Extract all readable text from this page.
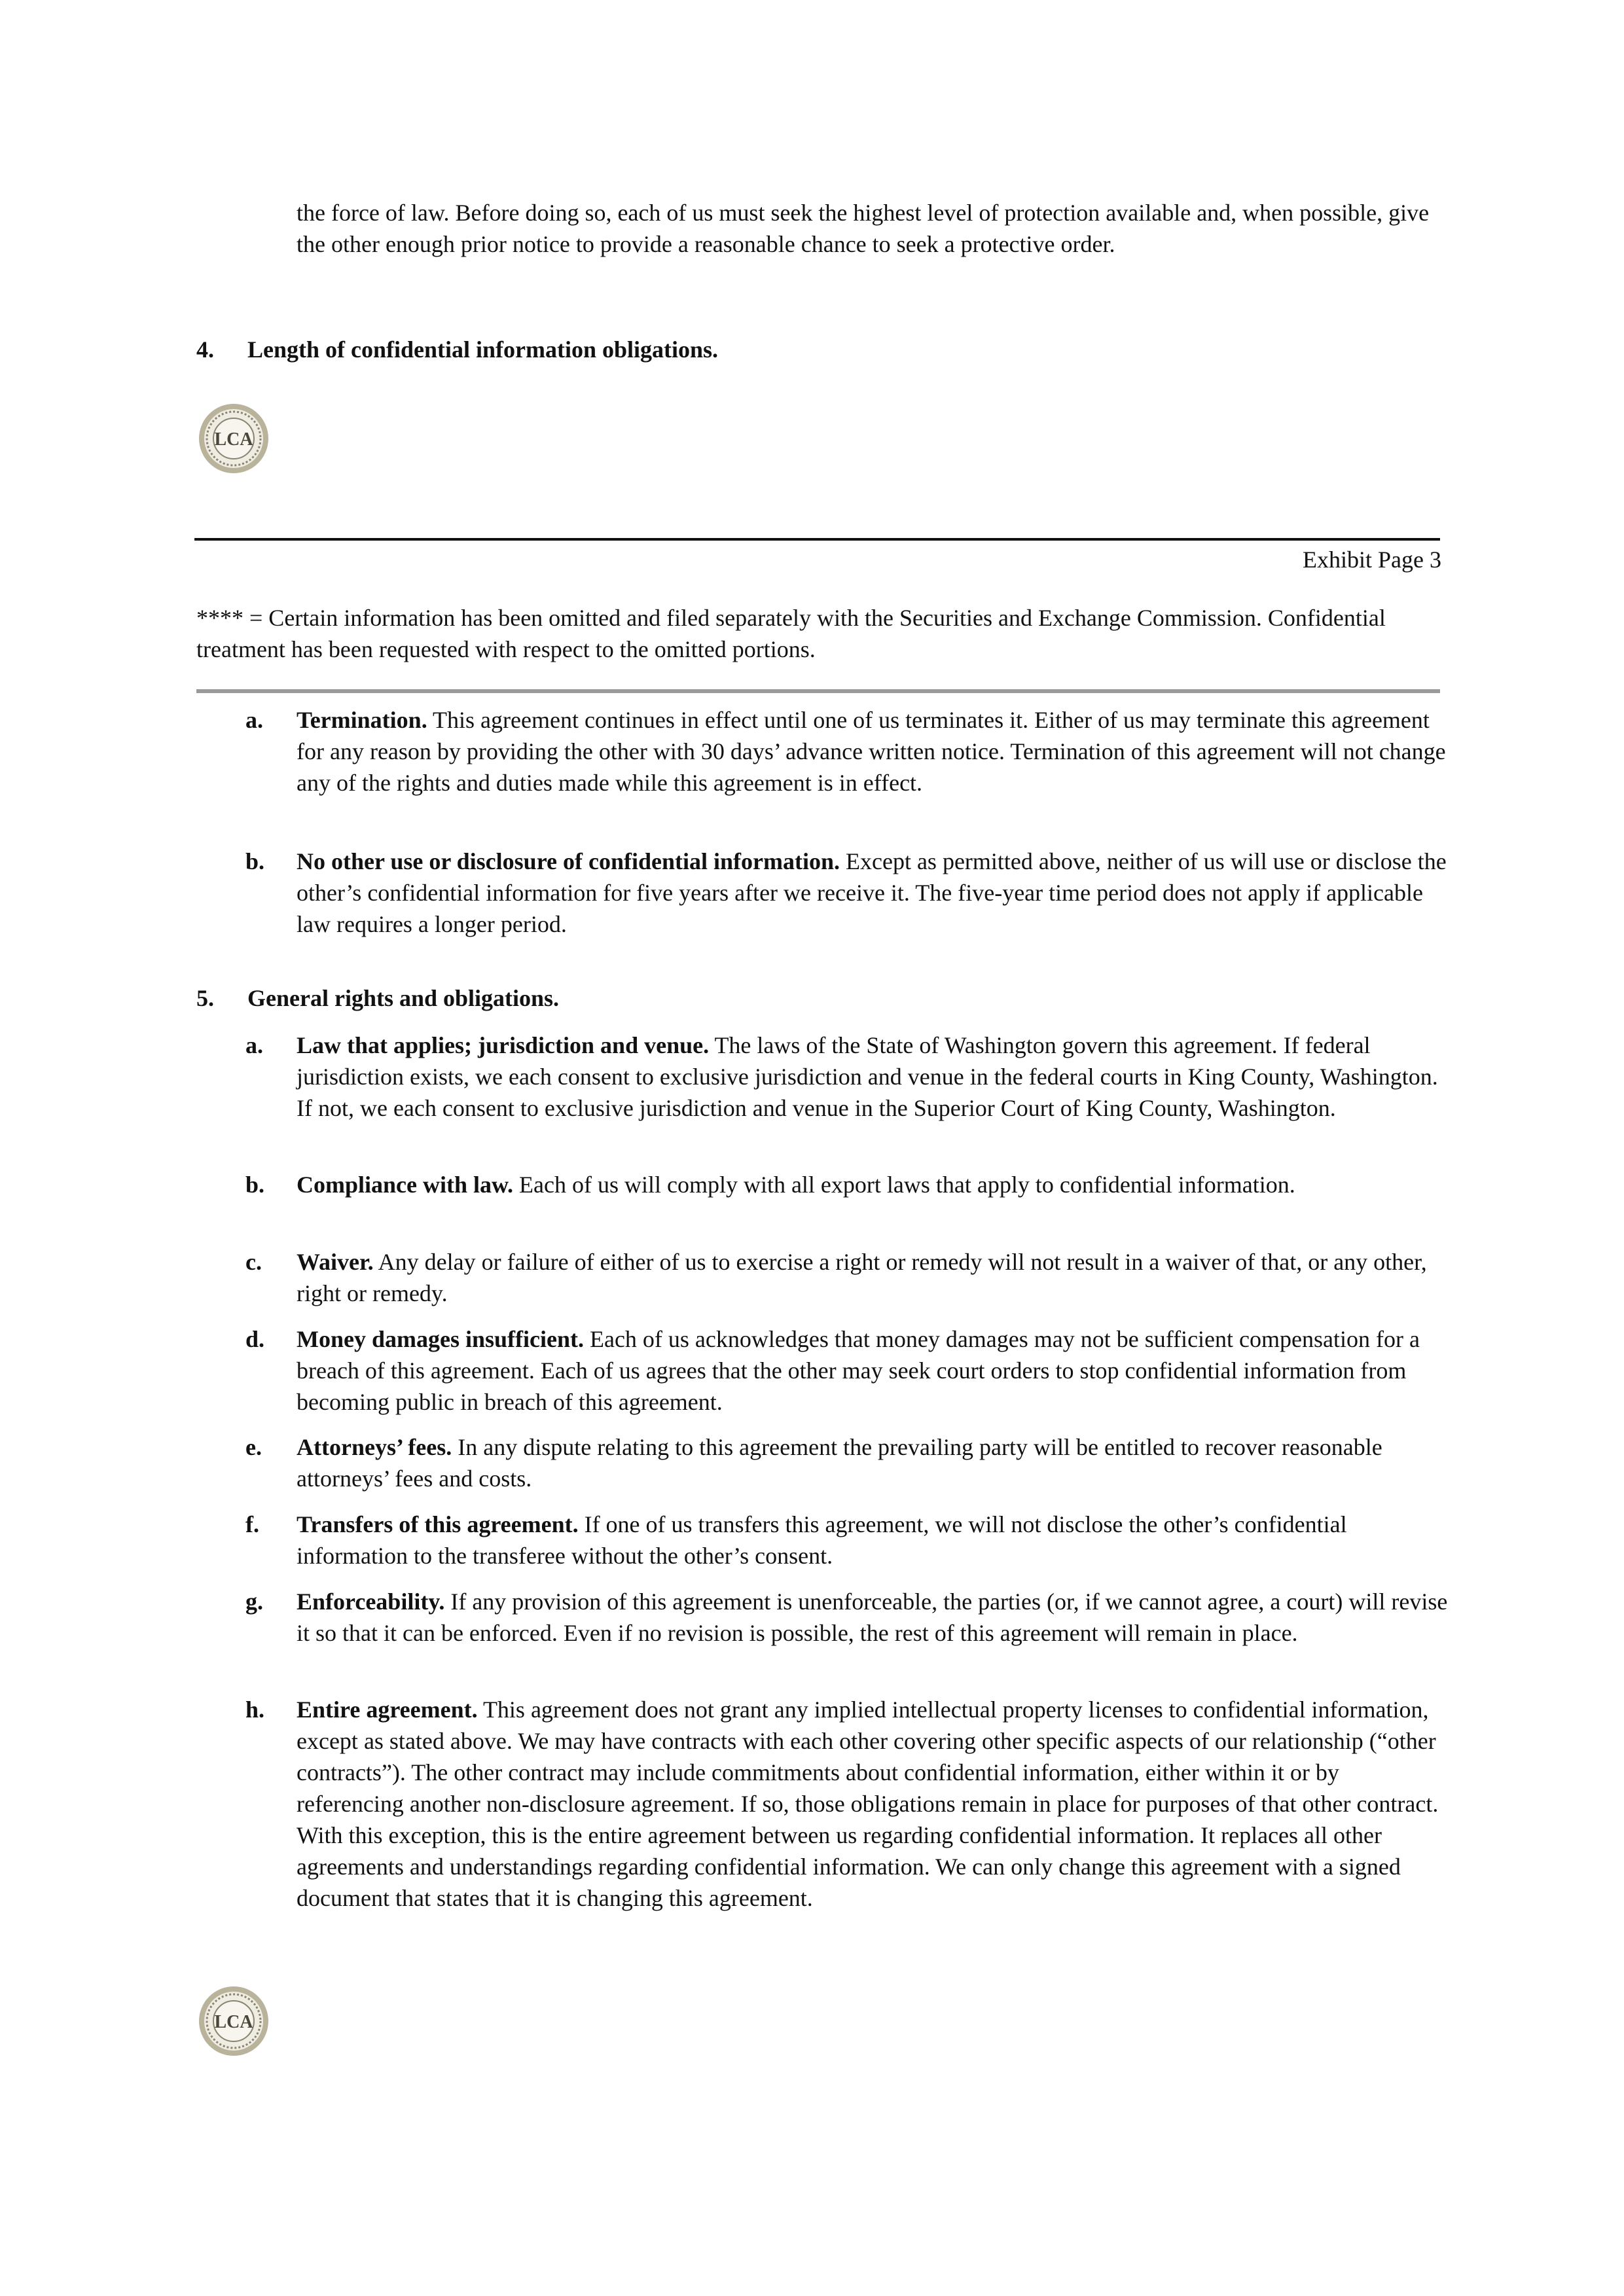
the force of law. Before doing so, each of us must seek the highest level of protection available and, when possible, give the other enough prior notice to provide a reasonable chance to seek a protective order.
4. Length of confidential information obligations.
LCA
Exhibit Page 3
**** = Certain information has been omitted and filed separately with the Securities and Exchange Commission. Confidential treatment has been requested with respect to the omitted portions.
a. Termination. This agreement continues in effect until one of us terminates it. Either of us may terminate this agreement for any reason by providing the other with 30 days’ advance written notice. Termination of this agreement will not change any of the rights and duties made while this agreement is in effect.
b. No other use or disclosure of confidential information. Except as permitted above, neither of us will use or disclose the other’s confidential information for five years after we receive it. The five-year time period does not apply if applicable law requires a longer period.
5. General rights and obligations.
a. Law that applies; jurisdiction and venue. The laws of the State of Washington govern this agreement. If federal jurisdiction exists, we each consent to exclusive jurisdiction and venue in the federal courts in King County, Washington. If not, we each consent to exclusive jurisdiction and venue in the Superior Court of King County, Washington.
b. Compliance with law. Each of us will comply with all export laws that apply to confidential information.
c. Waiver. Any delay or failure of either of us to exercise a right or remedy will not result in a waiver of that, or any other, right or remedy.
d. Money damages insufficient. Each of us acknowledges that money damages may not be sufficient compensation for a breach of this agreement. Each of us agrees that the other may seek court orders to stop confidential information from becoming public in breach of this agreement.
e. Attorneys’ fees. In any dispute relating to this agreement the prevailing party will be entitled to recover reasonable attorneys’ fees and costs.
f. Transfers of this agreement. If one of us transfers this agreement, we will not disclose the other’s confidential information to the transferee without the other’s consent.
g. Enforceability. If any provision of this agreement is unenforceable, the parties (or, if we cannot agree, a court) will revise it so that it can be enforced. Even if no revision is possible, the rest of this agreement will remain in place.
h. Entire agreement. This agreement does not grant any implied intellectual property licenses to confidential information, except as stated above. We may have contracts with each other covering other specific aspects of our relationship (“other contracts”). The other contract may include commitments about confidential information, either within it or by referencing another non-disclosure agreement. If so, those obligations remain in place for purposes of that other contract. With this exception, this is the entire agreement between us regarding confidential information. It replaces all other agreements and understandings regarding confidential information. We can only change this agreement with a signed document that states that it is changing this agreement.
LCA
